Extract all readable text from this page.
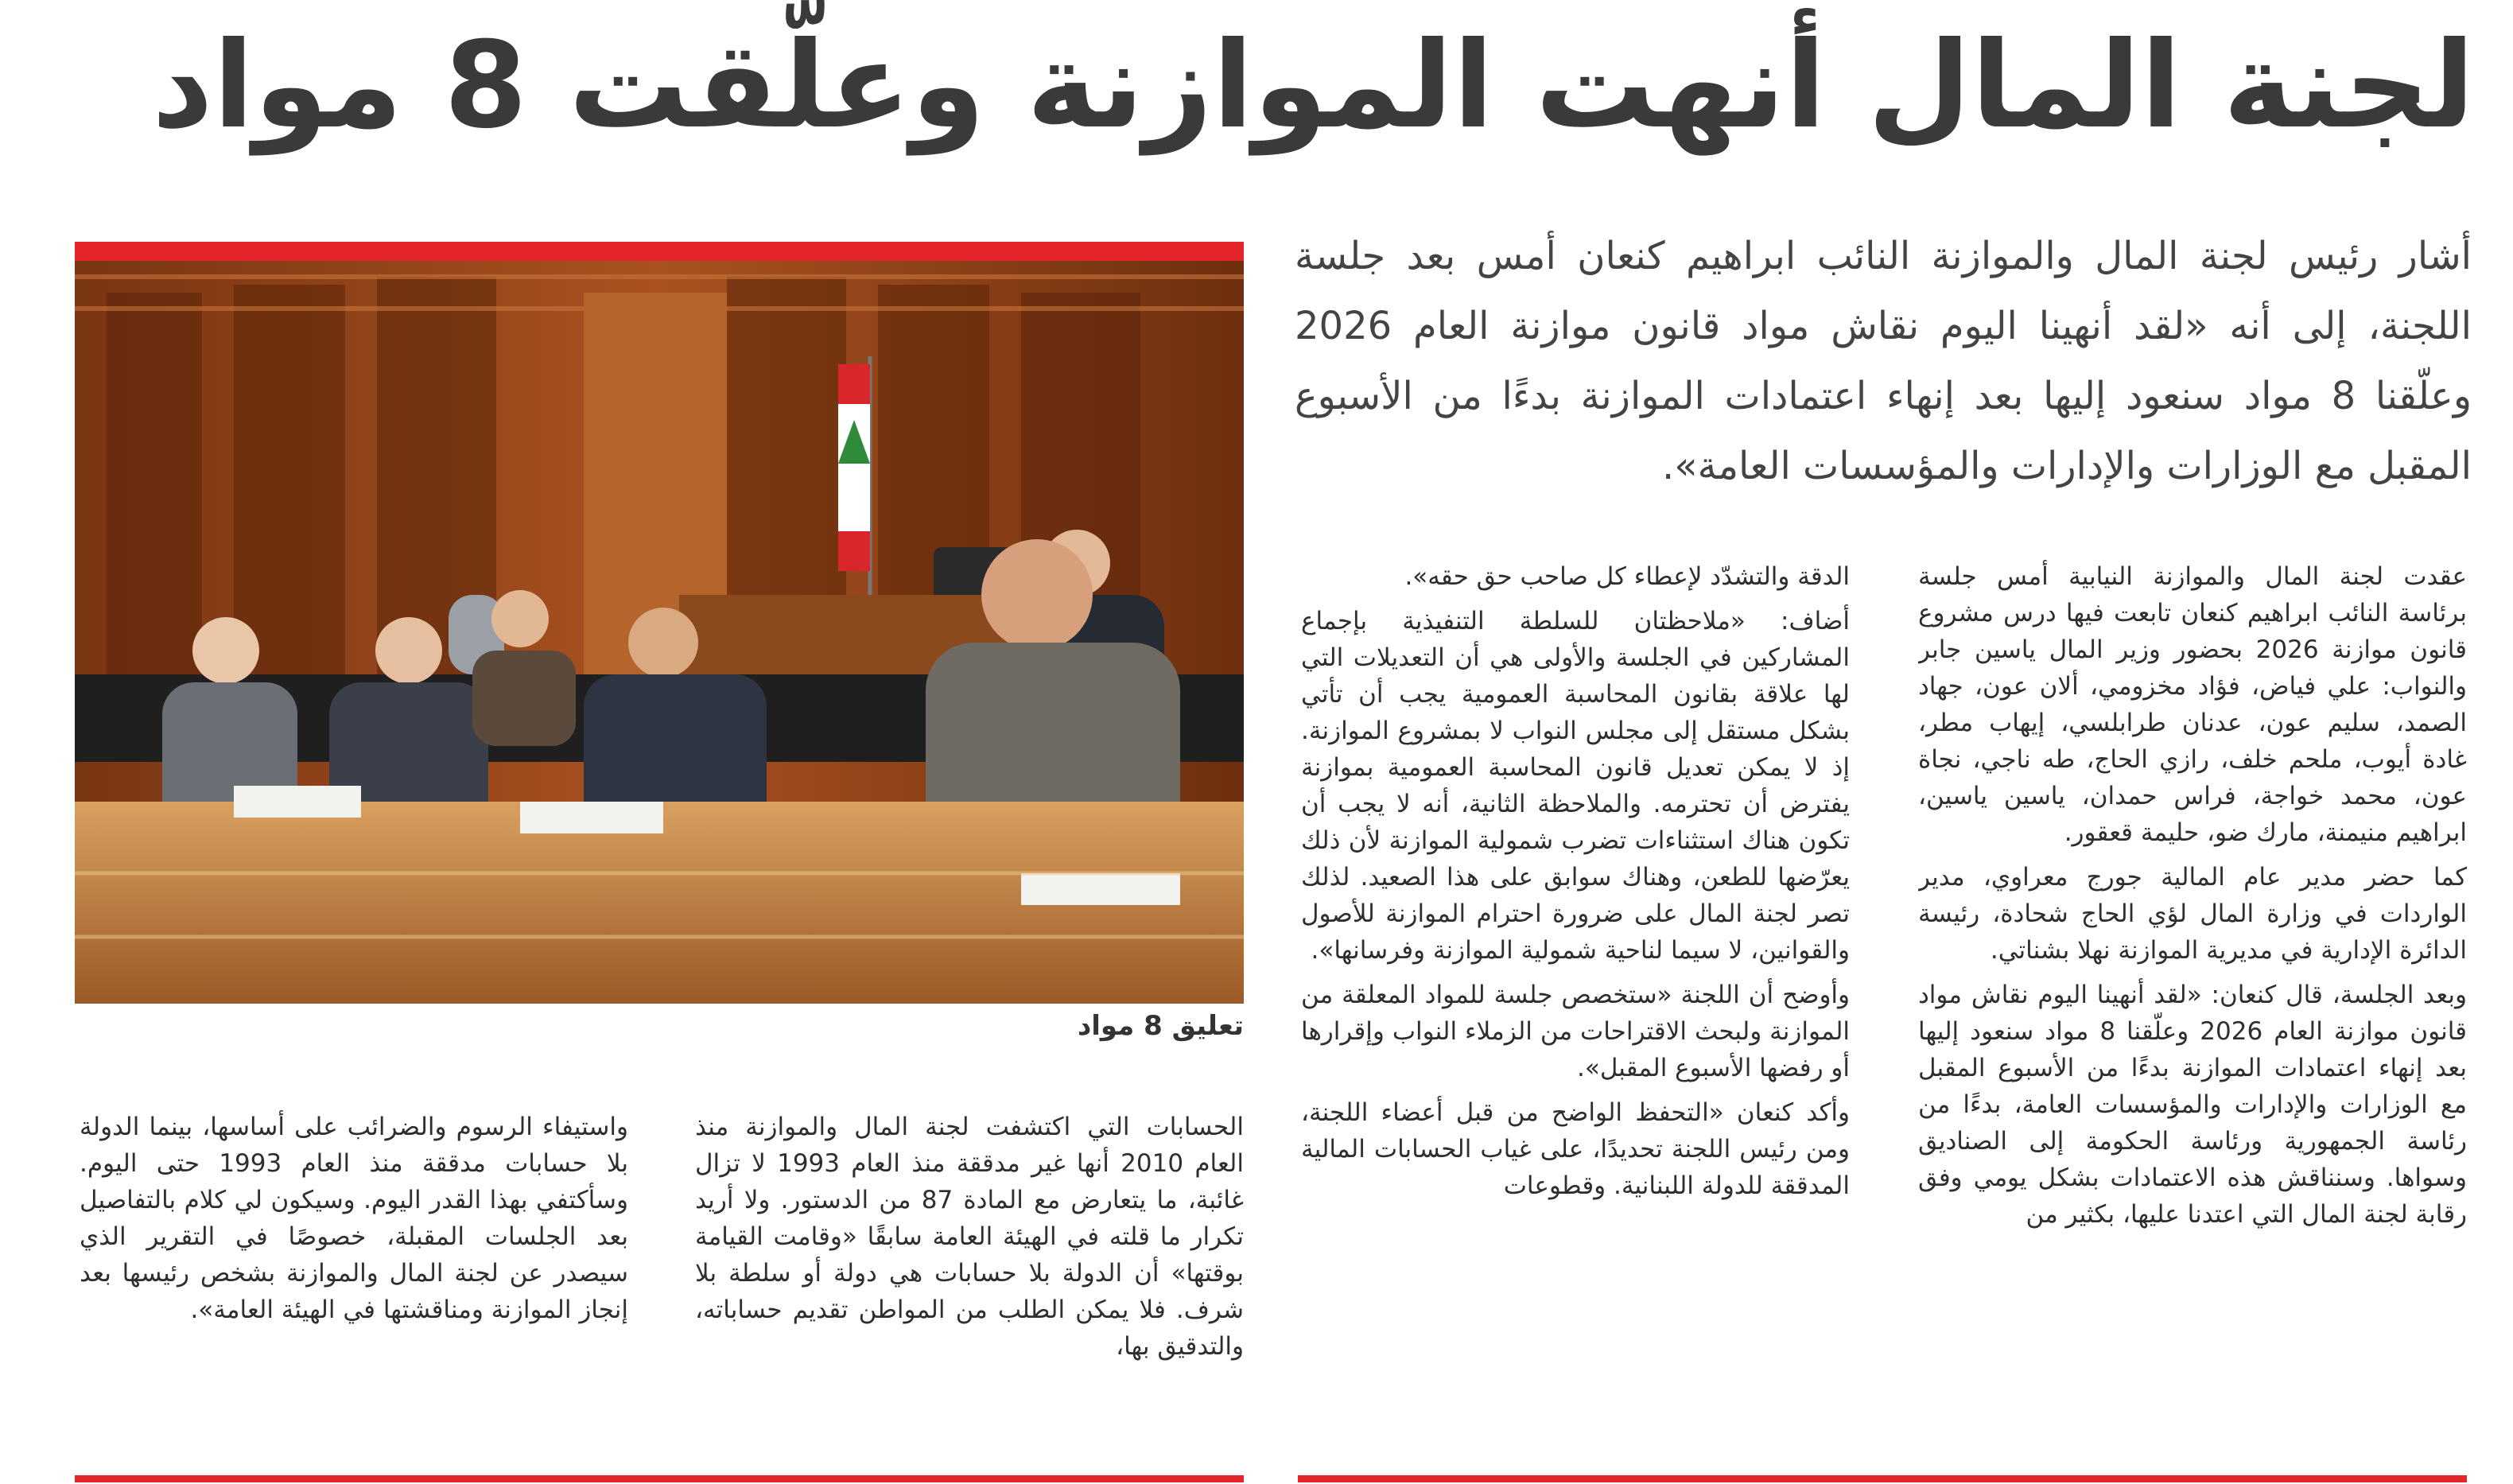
لجنة المال أنهت الموازنة وعلّقت 8 مواد

أشار رئيس لجنة المال والموازنة النائب ابراهيم كنعان أمس بعد جلسة اللجنة، إلى أنه «لقد أنهينا اليوم نقاش مواد قانون موازنة العام 2026 وعلّقنا 8 مواد سنعود إليها بعد إنهاء اعتمادات الموازنة بدءًا من الأسبوع المقبل مع الوزارات والإدارات والمؤسسات العامة».

تعليق 8 مواد

عقدت لجنة المال والموازنة النيابية أمس جلسة برئاسة النائب ابراهيم كنعان تابعت فيها درس مشروع قانون موازنة 2026 بحضور وزير المال ياسين جابر والنواب: علي فياض، فؤاد مخزومي، ألان عون، جهاد الصمد، سليم عون، عدنان طرابلسي، إيهاب مطر، غادة أيوب، ملحم خلف، رازي الحاج، طه ناجي، نجاة عون، محمد خواجة، فراس حمدان، ياسين ياسين، ابراهيم منيمنة، مارك ضو، حليمة قعقور.

كما حضر مدير عام المالية جورج معراوي، مدير الواردات في وزارة المال لؤي الحاج شحادة، رئيسة الدائرة الإدارية في مديرية الموازنة نهلا بشناتي.

وبعد الجلسة، قال كنعان: «لقد أنهينا اليوم نقاش مواد قانون موازنة العام 2026 وعلّقنا 8 مواد سنعود إليها بعد إنهاء اعتمادات الموازنة بدءًا من الأسبوع المقبل مع الوزارات والإدارات والمؤسسات العامة، بدءًا من رئاسة الجمهورية ورئاسة الحكومة إلى الصناديق وسواها. وسنناقش هذه الاعتمادات بشكل يومي وفق رقابة لجنة المال التي اعتدنا عليها، بكثير من

الدقة والتشدّد لإعطاء كل صاحب حق حقه».

أضاف: «ملاحظتان للسلطة التنفيذية بإجماع المشاركين في الجلسة والأولى هي أن التعديلات التي لها علاقة بقانون المحاسبة العمومية يجب أن تأتي بشكل مستقل إلى مجلس النواب لا بمشروع الموازنة. إذ لا يمكن تعديل قانون المحاسبة العمومية بموازنة يفترض أن تحترمه. والملاحظة الثانية، أنه لا يجب أن تكون هناك استثناءات تضرب شمولية الموازنة لأن ذلك يعرّضها للطعن، وهناك سوابق على هذا الصعيد. لذلك تصر لجنة المال على ضرورة احترام الموازنة للأصول والقوانين، لا سيما لناحية شمولية الموازنة وفرسانها».

وأوضح أن اللجنة «ستخصص جلسة للمواد المعلقة من الموازنة ولبحث الاقتراحات من الزملاء النواب وإقرارها أو رفضها الأسبوع المقبل».

وأكد كنعان «التحفظ الواضح من قبل أعضاء اللجنة، ومن رئيس اللجنة تحديدًا، على غياب الحسابات المالية المدققة للدولة اللبنانية. وقطوعات

الحسابات التي اكتشفت لجنة المال والموازنة منذ العام 2010 أنها غير مدققة منذ العام 1993 لا تزال غائبة، ما يتعارض مع المادة 87 من الدستور. ولا أريد تكرار ما قلته في الهيئة العامة سابقًا «وقامت القيامة بوقتها» أن الدولة بلا حسابات هي دولة أو سلطة بلا شرف. فلا يمكن الطلب من المواطن تقديم حساباته، والتدقيق بها،

واستيفاء الرسوم والضرائب على أساسها، بينما الدولة بلا حسابات مدققة منذ العام 1993 حتى اليوم. وسأكتفي بهذا القدر اليوم. وسيكون لي كلام بالتفاصيل بعد الجلسات المقبلة، خصوصًا في التقرير الذي سيصدر عن لجنة المال والموازنة بشخص رئيسها بعد إنجاز الموازنة ومناقشتها في الهيئة العامة».
